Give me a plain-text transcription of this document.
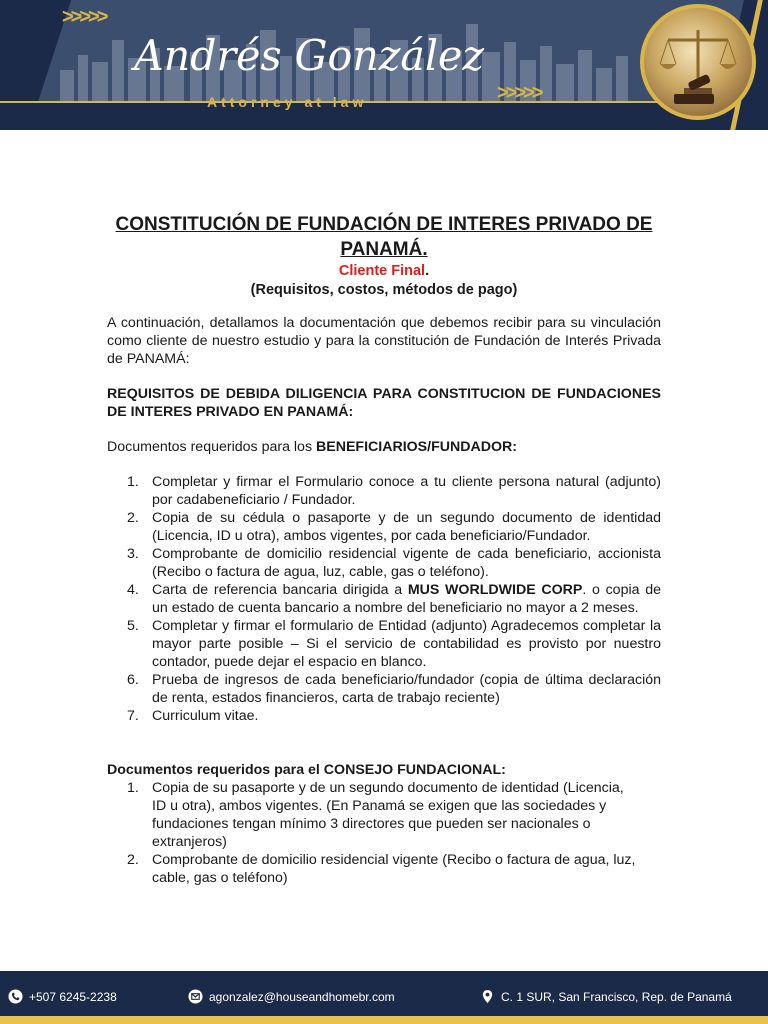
>>>>>
>>>>>
Andrés González
Attorney at law
CONSTITUCIÓN DE FUNDACIÓN DE INTERES PRIVADO DE PANAMÁ.
Cliente Final.
(Requisitos, costos, métodos de pago)

A continuación, detallamos la documentación que debemos recibir para su vinculación como cliente de nuestro estudio y para la constitución de Fundación de Interés Privada de PANAMÁ:

REQUISITOS DE DEBIDA DILIGENCIA PARA CONSTITUCION DE FUNDACIONES DE INTERES PRIVADO EN PANAMÁ:

Documentos requeridos para los BENEFICIARIOS/FUNDADOR:

1. Completar y firmar el Formulario conoce a tu cliente persona natural (adjunto) por cadabeneficiario / Fundador.
2. Copia de su cédula o pasaporte y de un segundo documento de identidad (Licencia, ID u otra), ambos vigentes, por cada beneficiario/Fundador.
3. Comprobante de domicilio residencial vigente de cada beneficiario, accionista (Recibo o factura de agua, luz, cable, gas o teléfono).
4. Carta de referencia bancaria dirigida a MUS WORLDWIDE CORP. o copia de un estado de cuenta bancario a nombre del beneficiario no mayor a 2 meses.
5. Completar y firmar el formulario de Entidad (adjunto) Agradecemos completar la mayor parte posible – Si el servicio de contabilidad es provisto por nuestro contador, puede dejar el espacio en blanco.
6. Prueba de ingresos de cada beneficiario/fundador (copia de última declaración de renta, estados financieros, carta de trabajo reciente)
7. Curriculum vitae.

Documentos requeridos para el CONSEJO FUNDACIONAL:

1. Copia de su pasaporte y de un segundo documento de identidad (Licencia, ID u otra), ambos vigentes. (En Panamá se exigen que las sociedades y fundaciones tengan mínimo 3 directores que pueden ser nacionales o extranjeros)
2. Comprobante de domicilio residencial vigente (Recibo o factura de agua, luz, cable, gas o teléfono)
+507 6245-2238	agonzalez@houseandhomebr.com	C. 1 SUR, San Francisco, Rep. de Panamá
